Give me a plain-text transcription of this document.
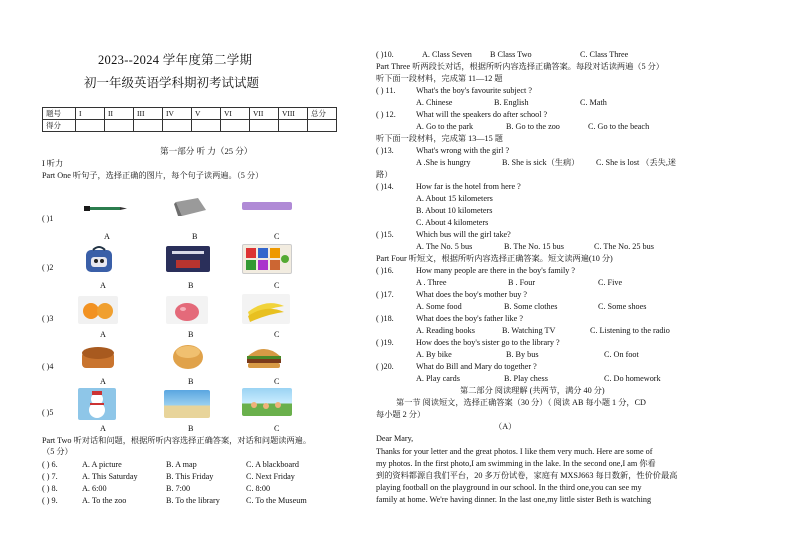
2023--2024 学年度第二学期
初一年级英语学科期初考试试题
题号	I	II	III	IV	V	VI	VII	VIII	总分
得分									
第一部分 听 力（25 分）
I 听力
Part One 听句子，选择正确的图片，每个句子读两遍。（5 分）
( )1
A	B	C
( )2
A	B	C
( )3
A	B	C
( )4
A	B	C
( )5
A	B	C
Part Two 听对话和问题，根据所听内容选择正确答案，对话和问题读两遍。
（5 分）
( ) 6.	A. A picture	B. A map	C. A blackboard
( ) 7.	A. This Saturday	B. This Friday	C. Next Friday
( ) 8.	A. 6:00	B. 7:00	C. 8:00
( ) 9.	A. To the zoo	B. To the library	C. To the Museum
( )10.	A. Class Seven B Class Two	C. Class Three
Part Three 听两段长对话，根据所听内容选择正确答案。每段对话读两遍（5 分）
听下面一段材料，完成第 11—12 题
( ) 11.	What's the boy's favourite subject ?
A. Chinese	B. English	C. Math
( ) 12. What will the speakers do after school ?
A. Go to the park	B. Go to the zoo	C. Go to the beach
听下面一段材料，完成第 13—15 题
( )13.	What's wrong with the girl ?
A .She is hungry	B. She is sick（生病） C. She is lost （丢失,迷
路）
( )14.	How far is the hotel from here ?
A. About 15 kilometers
B. About 10 kilometers
C. About 4 kilometers
( )15.	Which bus will the girl take?
A. The No. 5 bus	B. The No. 15 bus	C. The No. 25 bus
Part Four 听短文，根据所听内容选择正确答案。短文读两遍(10 分)
( )16.	How many people are there in the boy's family ?
A . Three	B . Four	C. Five
( )17.	What does the boy's mother buy ?
A. Some food	B. Some clothes	C. Some shoes
( )18.	What does the boy's father like ?
A. Reading books	B. Watching TV	C. Listening to the radio
( )19.	How does the boy's sister go to the library ?
A. By bike	B. By bus	C. On foot
( )20.	What do Bill and Mary do together ?
A. Play cards	B. Play chess	C. Do homework
第二部分 阅读理解 (共两节，满分 40 分)
第一节 阅读短文，选择正确答案（30 分）（ 阅读 AB 每小题 1 分，CD
每小题 2 分）
（A）
Dear Mary,
Thanks for your letter and the great photos. I like them very much. Here are some of
my photos. In the first photo,I am swimming in the lake. In the second one,I am 你看
到的资料都源自我们平台，20 多万份试卷，家庭有 MXSJ663 每日数新，性价价最高
playing football on the playground in our school. In the third one,you can see my
family at home. We're having dinner. In the last one,my little sister Beth is watching
